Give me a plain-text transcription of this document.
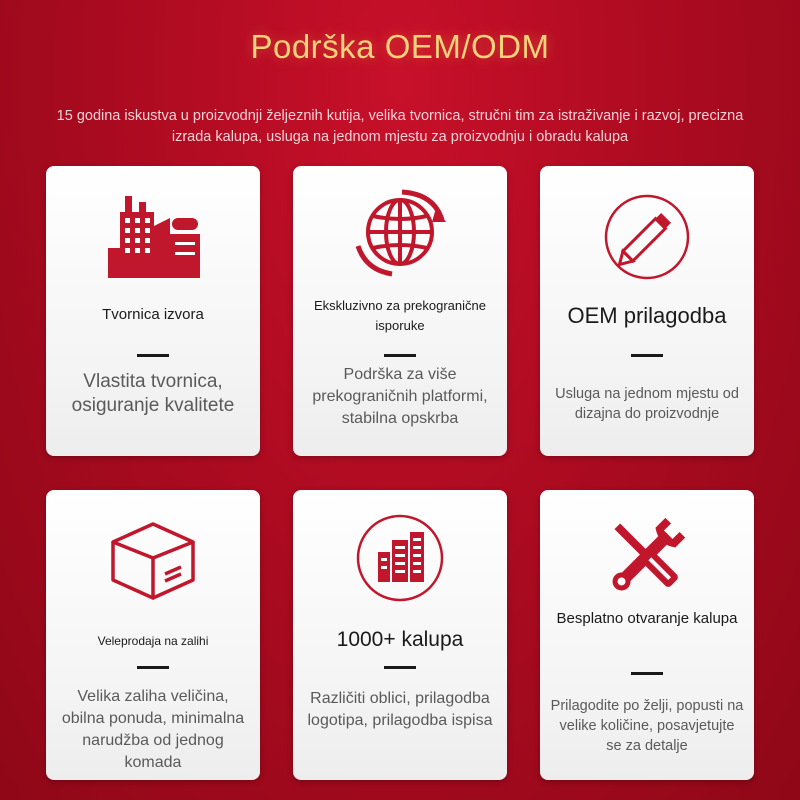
Podrška OEM/ODM
15 godina iskustva u proizvodnji željeznih kutija, velika tvornica, stručni tim za istraživanje i razvoj, precizna izrada kalupa, usluga na jednom mjestu za proizvodnju i obradu kalupa
Tvornica izvora
Vlastita tvornica, osiguranje kvalitete
Ekskluzivno za prekogranične isporuke
Podrška za više prekograničnih platformi, stabilna opskrba
OEM prilagodba
Usluga na jednom mjestu od dizajna do proizvodnje
Veleprodaja na zalihi
Velika zaliha veličina, obilna ponuda, minimalna narudžba od jednog komada
1000+ kalupa
Različiti oblici, prilagodba logotipa, prilagodba ispisa
Besplatno otvaranje kalupa
Prilagodite po želji, popusti na velike količine, posavjetujte se za detalje
